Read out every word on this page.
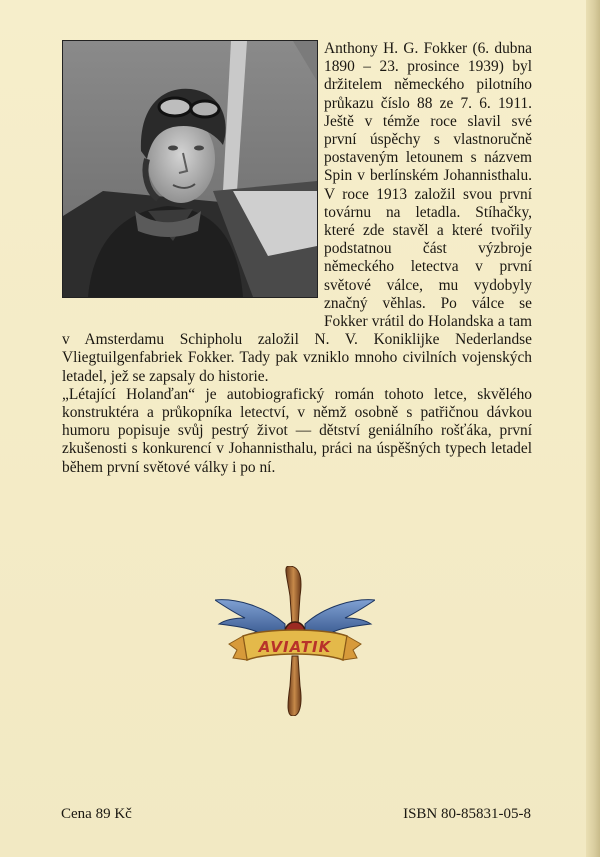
Anthony H. G. Fokker (6. dubna 1890 – 23. prosince 1939) byl držitelem německého pilotního průkazu číslo 88 ze 7. 6. 1911. Ještě v témže roce slavil své první úspěchy s vlastnoručně postaveným letounem s názvem Spin v berlínském Johannisthalu. V roce 1913 založil svou první továrnu na letadla. Stíhačky, které zde stavěl a které tvořily podstatnou část výzbroje německého letectva v první světové válce, mu vydobyly značný věhlas. Po válce se Fokker vrátil do Holandska a tam v Amsterdamu Schipholu založil N. V. Koniklijke Nederlandse Vliegtuilgenfabriek Fokker. Tady pak vzniklo mnoho civilních vojenských letadel, jež se zapsaly do historie.

„Létající Holanďan“ je autobiografický román tohoto letce, skvělého konstruktéra a průkopníka letectví, v němž osobně s patřičnou dávkou humoru popisuje svůj pestrý život — dětství geniálního rošťáka, první zkušenosti s konkurencí v Johannisthalu, práci na úspěšných typech letadel během první světové války i po ní.

AVIATIK
Cena 89 Kč	ISBN 80-85831-05-8
